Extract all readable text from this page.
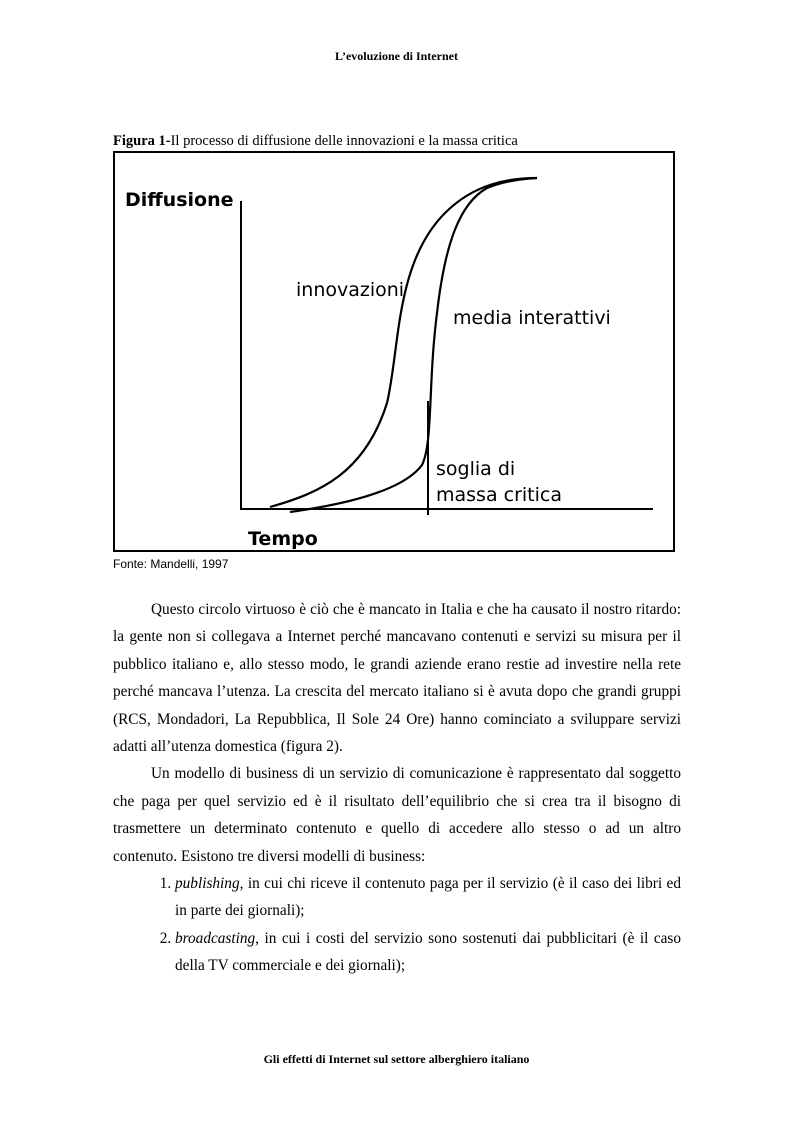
L’evoluzione di Internet
Figura 1-Il processo di diffusione delle innovazioni e la massa critica
Diffusione
Tempo
innovazioni
media interattivi
soglia di
massa critica
Fonte: Mandelli, 1997

Questo circolo virtuoso è ciò che è mancato in Italia e che ha causato il nostro ritardo: la gente non si collegava a Internet perché mancavano contenuti e servizi su misura per il pubblico italiano e, allo stesso modo, le grandi aziende erano restie ad investire nella rete perché mancava l’utenza. La crescita del mercato italiano si è avuta dopo che grandi gruppi (RCS, Mondadori, La Repubblica, Il Sole 24 Ore) hanno cominciato a sviluppare servizi adatti all’utenza domestica (figura 2).

Un modello di business di un servizio di comunicazione è rappresentato dal soggetto che paga per quel servizio ed è il risultato dell’equilibrio che si crea tra il bisogno di trasmettere un determinato contenuto e quello di accedere allo stesso o ad un altro contenuto. Esistono tre diversi modelli di business:

1. publishing, in cui chi riceve il contenuto paga per il servizio (è il caso dei libri ed in parte dei giornali);
2. broadcasting, in cui i costi del servizio sono sostenuti dai pubblicitari (è il caso della TV commerciale e dei giornali);
Gli effetti di Internet sul settore alberghiero italiano
